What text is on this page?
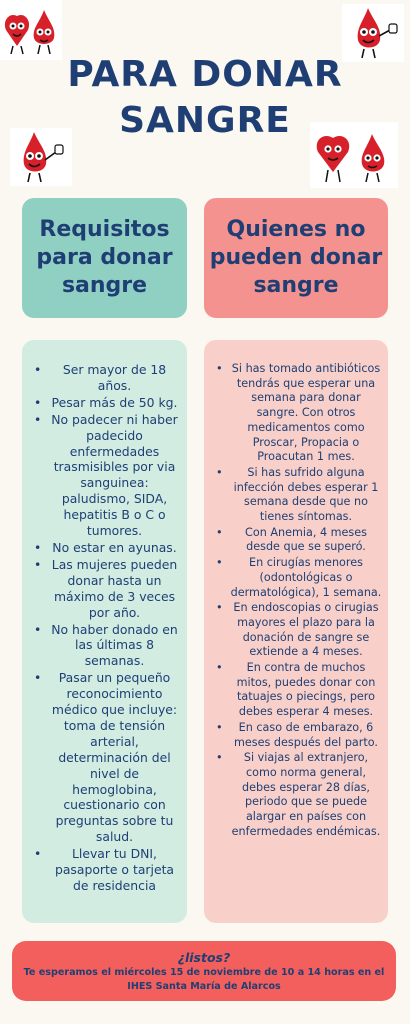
PARA DONAR
SANGRE
Requisitos para donar sangre
Quienes no pueden donar sangre
• Ser mayor de 18 años.
• Pesar más de 50 kg.
• No padecer ni haber padecido enfermedades trasmisibles por via sanguinea: paludismo, SIDA, hepatitis B o C o tumores.
• No estar en ayunas.
• Las mujeres pueden donar hasta un máximo de 3 veces por año.
• No haber donado en las últimas 8 semanas.
• Pasar un pequeño reconocimiento médico que incluye: toma de tensión arterial, determinación del nivel de hemoglobina, cuestionario con preguntas sobre tu salud.
• Llevar tu DNI, pasaporte o tarjeta de residencia
• Si has tomado antibióticos tendrás que esperar una semana para donar sangre. Con otros medicamentos como Proscar, Propacia o Proacutan 1 mes.
• Si has sufrido alguna infección debes esperar 1 semana desde que no tienes síntomas.
• Con Anemia, 4 meses desde que se superó.
• En cirugías menores (odontológicas o dermatológica), 1 semana.
• En endoscopias o cirugias mayores el plazo para la donación de sangre se extiende a 4 meses.
• En contra de muchos mitos, puedes donar con tatuajes o piecings, pero debes esperar 4 meses.
• En caso de embarazo, 6 meses después del parto.
• Si viajas al extranjero, como norma general, debes esperar 28 días, periodo que se puede alargar en países con enfermedades endémicas.
¿listos?
Te esperamos el miércoles 15 de noviembre de 10 a 14 horas en el IHES Santa María de Alarcos
